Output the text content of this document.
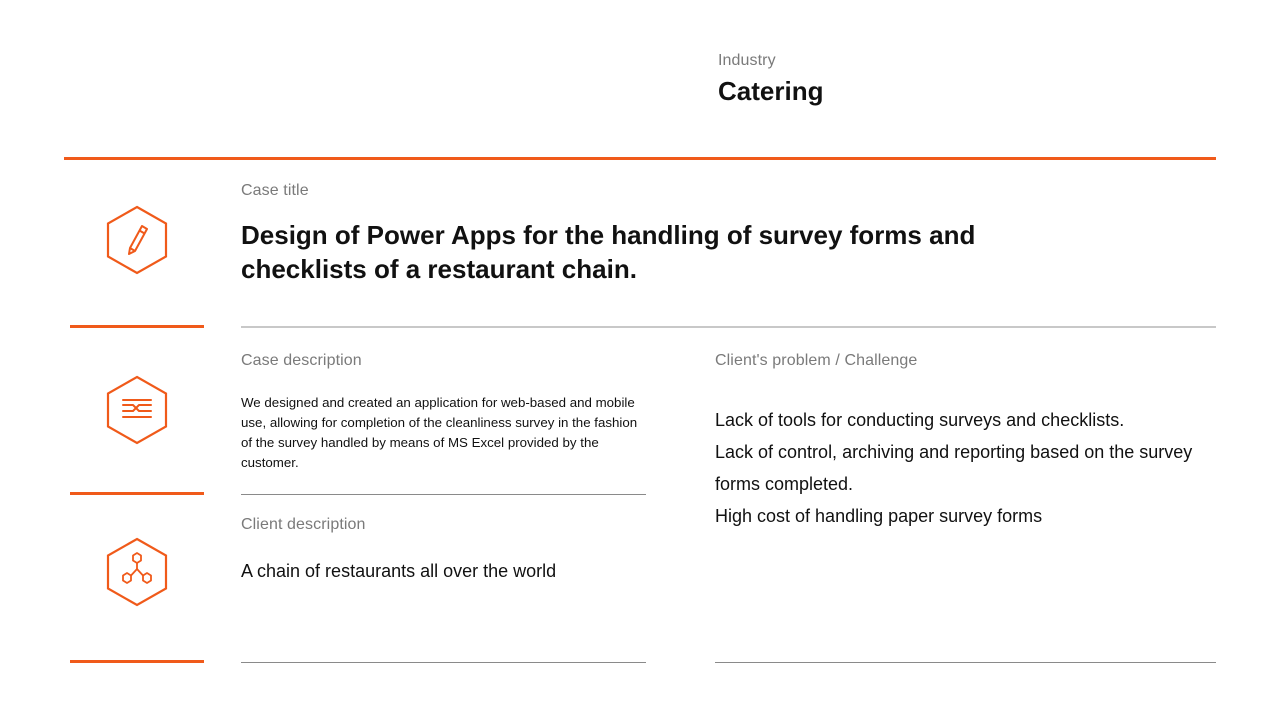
Industry
Catering
Case title
Design of Power Apps for the handling of survey forms and checklists of a restaurant chain.
Case description
We designed and created an application for web-based and mobile use, allowing for completion of the cleanliness survey in the fashion of the survey handled by means of MS Excel provided by the customer.
Client description
A chain of restaurants all over the world
Client's problem / Challenge
Lack of tools for conducting surveys and checklists.
Lack of control, archiving and reporting based on the survey forms completed.
High cost of handling paper survey forms
